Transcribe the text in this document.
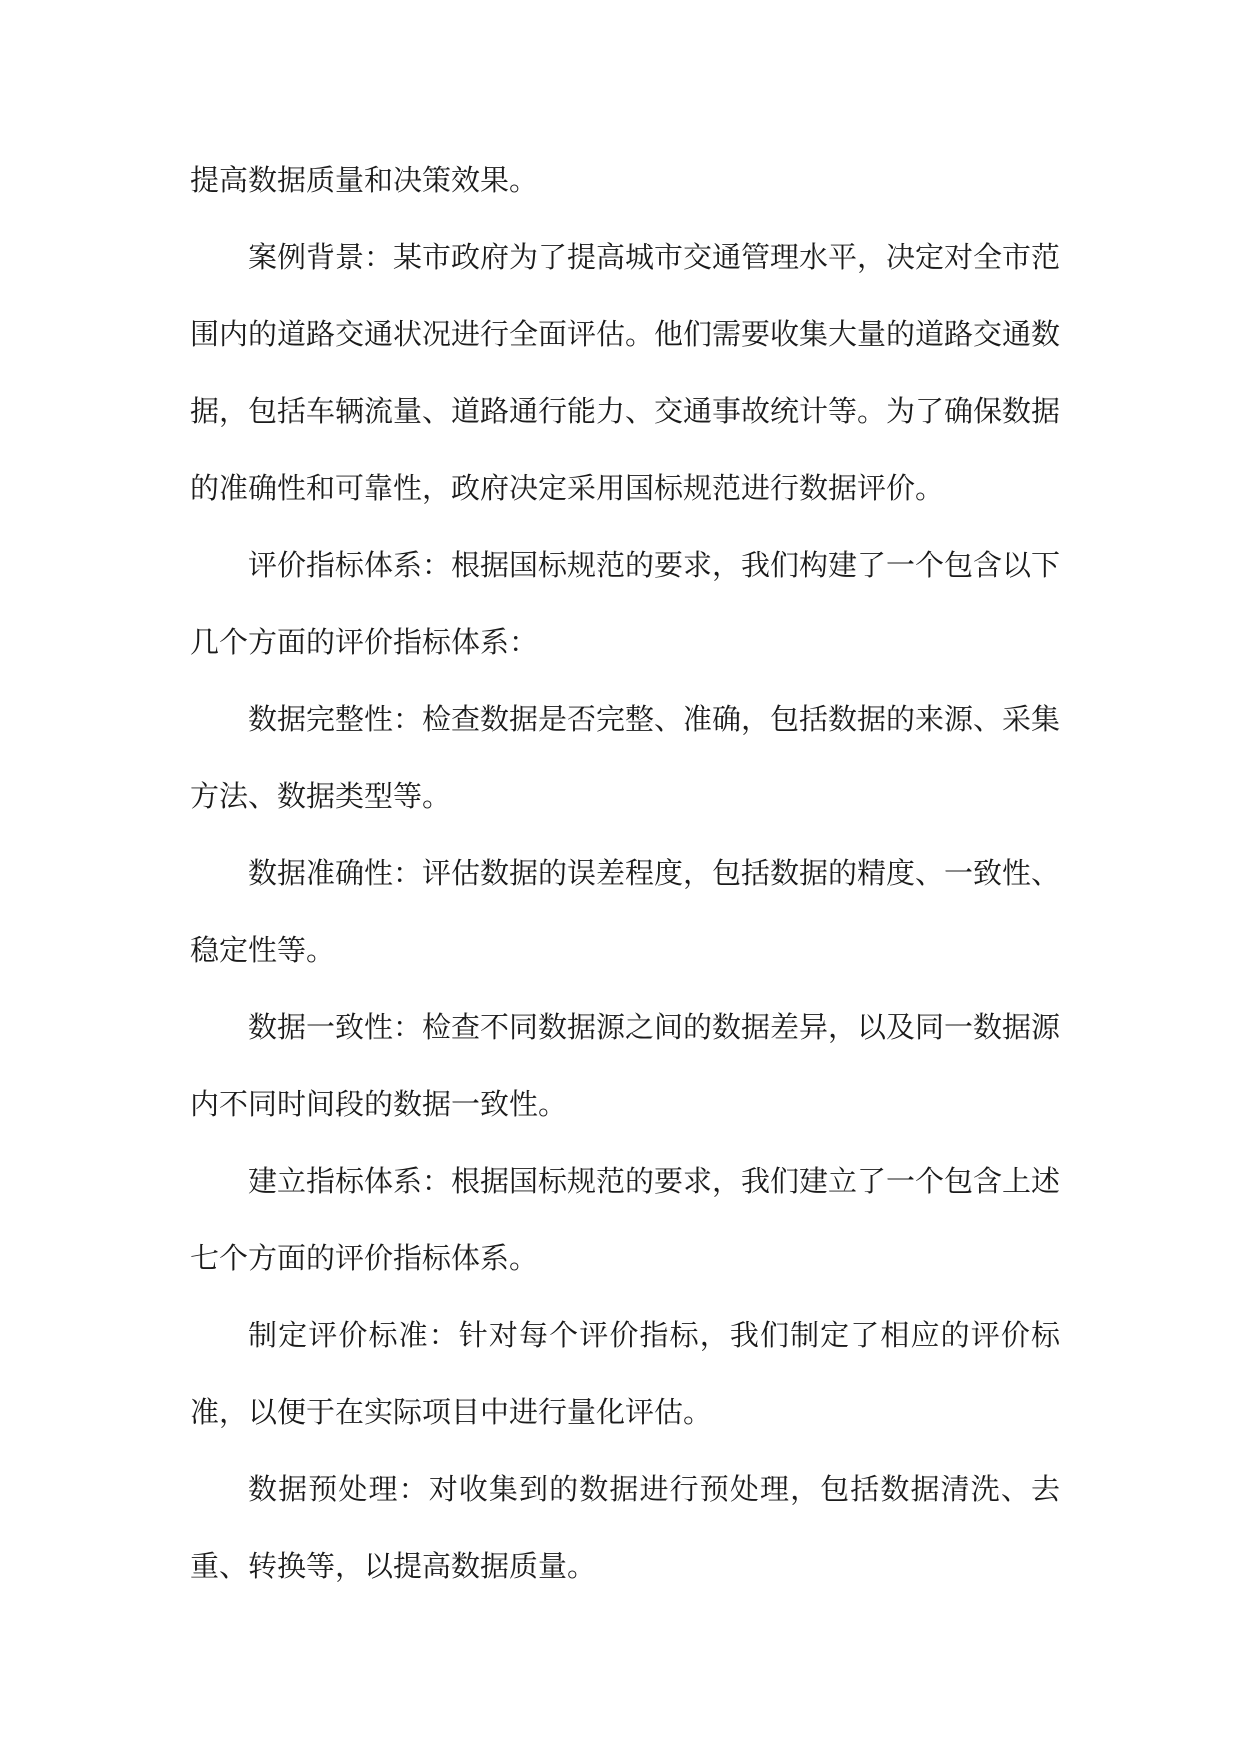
提高数据质量和决策效果。

案例背景：某市政府为了提高城市交通管理水平，决定对全市范围内的道路交通状况进行全面评估。他们需要收集大量的道路交通数据，包括车辆流量、道路通行能力、交通事故统计等。为了确保数据的准确性和可靠性，政府决定采用国标规范进行数据评价。

评价指标体系：根据国标规范的要求，我们构建了一个包含以下几个方面的评价指标体系：

数据完整性：检查数据是否完整、准确，包括数据的来源、采集方法、数据类型等。

数据准确性：评估数据的误差程度，包括数据的精度、一致性、稳定性等。

数据一致性：检查不同数据源之间的数据差异，以及同一数据源内不同时间段的数据一致性。

建立指标体系：根据国标规范的要求，我们建立了一个包含上述七个方面的评价指标体系。

制定评价标准：针对每个评价指标，我们制定了相应的评价标准，以便于在实际项目中进行量化评估。

数据预处理：对收集到的数据进行预处理，包括数据清洗、去重、转换等，以提高数据质量。
